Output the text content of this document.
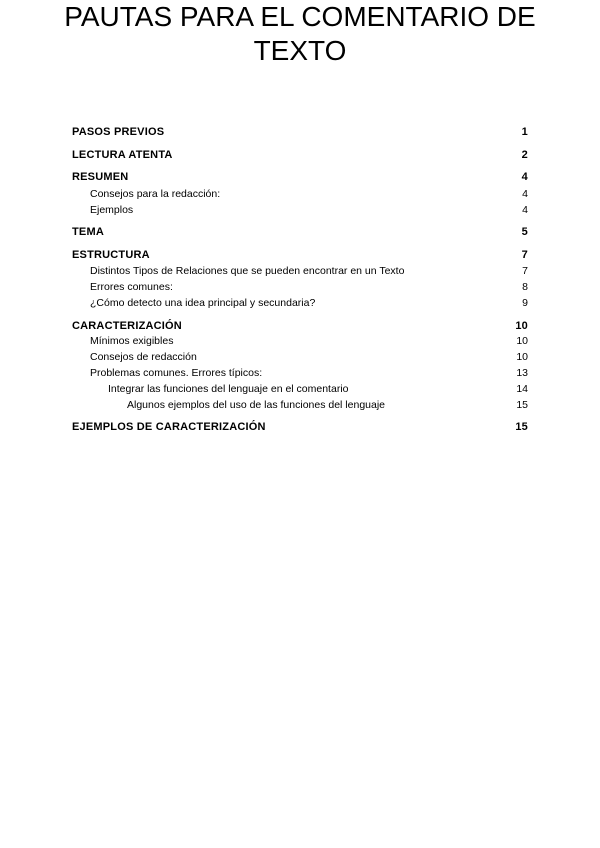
PAUTAS PARA EL COMENTARIO DE
TEXTO
PASOS PREVIOS	1
LECTURA ATENTA	2
RESUMEN	4
Consejos para la redacción:	4
Ejemplos	4
TEMA	5
ESTRUCTURA	7
Distintos Tipos de Relaciones que se pueden encontrar en un Texto	7
Errores comunes:	8
¿Cómo detecto una idea principal y secundaria?	9
CARACTERIZACIÓN	10
Mínimos exigibles	10
Consejos de redacción	10
Problemas comunes. Errores típicos:	13
Integrar las funciones del lenguaje en el comentario	14
Algunos ejemplos del uso de las funciones del lenguaje	15
EJEMPLOS DE CARACTERIZACIÓN	15
